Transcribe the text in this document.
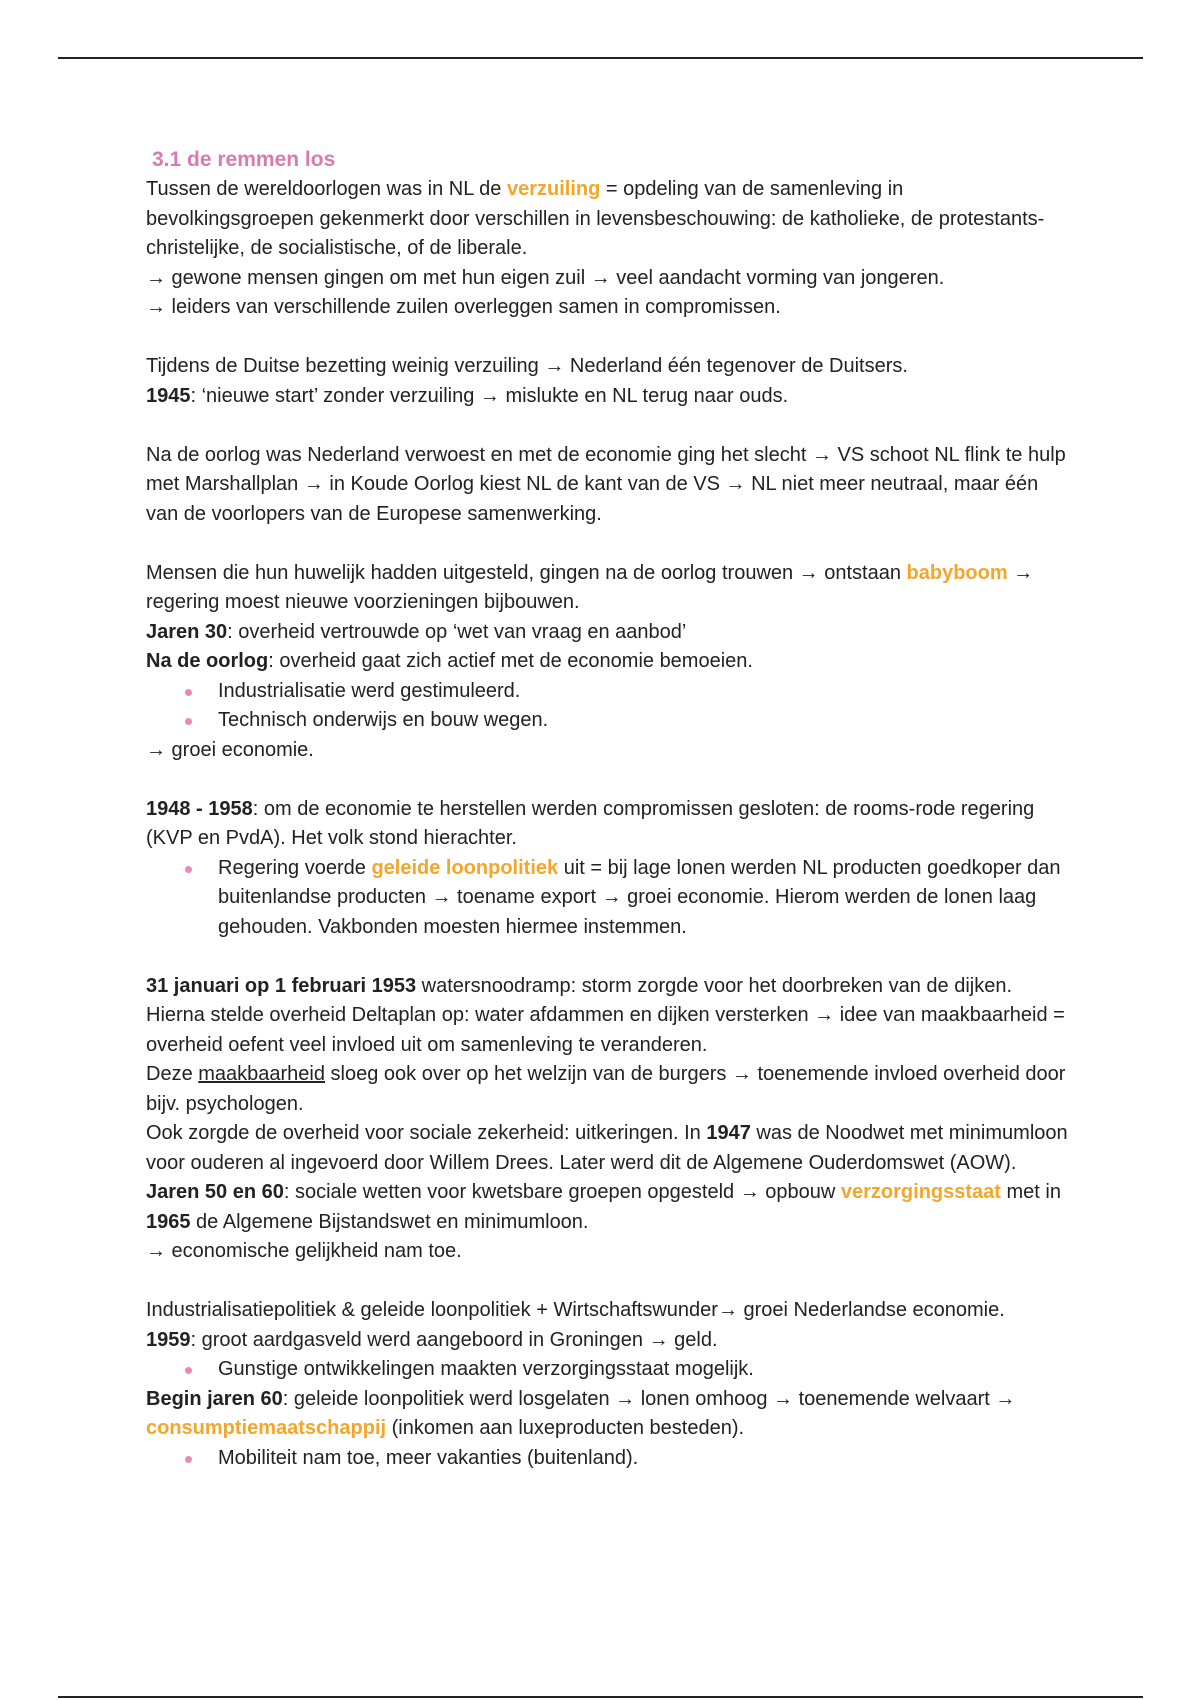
3.1 de remmen los

Tussen de wereldoorlogen was in NL de verzuiling = opdeling van de samenleving in bevolkingsgroepen gekenmerkt door verschillen in levensbeschouwing: de katholieke, de protestants-christelijke, de socialistische, of de liberale.

→ gewone mensen gingen om met hun eigen zuil → veel aandacht vorming van jongeren.

→ leiders van verschillende zuilen overleggen samen in compromissen.

Tijdens de Duitse bezetting weinig verzuiling → Nederland één tegenover de Duitsers.

1945: ‘nieuwe start’ zonder verzuiling → mislukte en NL terug naar ouds.

Na de oorlog was Nederland verwoest en met de economie ging het slecht → VS schoot NL flink te hulp met Marshallplan → in Koude Oorlog kiest NL de kant van de VS → NL niet meer neutraal, maar één van de voorlopers van de Europese samenwerking.

Mensen die hun huwelijk hadden uitgesteld, gingen na de oorlog trouwen → ontstaan babyboom → regering moest nieuwe voorzieningen bijbouwen.

Jaren 30: overheid vertrouwde op ‘wet van vraag en aanbod’

Na de oorlog: overheid gaat zich actief met de economie bemoeien.

Industrialisatie werd gestimuleerd.
Technisch onderwijs en bouw wegen.

→ groei economie.

1948 - 1958: om de economie te herstellen werden compromissen gesloten: de rooms-rode regering (KVP en PvdA). Het volk stond hierachter.

Regering voerde geleide loonpolitiek uit = bij lage lonen werden NL producten goedkoper dan buitenlandse producten → toename export → groei economie. Hierom werden de lonen laag gehouden. Vakbonden moesten hiermee instemmen.

31 januari op 1 februari 1953 watersnoodramp: storm zorgde voor het doorbreken van de dijken.

Hierna stelde overheid Deltaplan op: water afdammen en dijken versterken → idee van maakbaarheid = overheid oefent veel invloed uit om samenleving te veranderen.

Deze maakbaarheid sloeg ook over op het welzijn van de burgers → toenemende invloed overheid door bijv. psychologen.

Ook zorgde de overheid voor sociale zekerheid: uitkeringen. In 1947 was de Noodwet met minimumloon voor ouderen al ingevoerd door Willem Drees. Later werd dit de Algemene Ouderdomswet (AOW).

Jaren 50 en 60: sociale wetten voor kwetsbare groepen opgesteld → opbouw verzorgingsstaat met in 1965 de Algemene Bijstandswet en minimumloon.

→ economische gelijkheid nam toe.

Industrialisatiepolitiek & geleide loonpolitiek + Wirtschaftswunder→ groei Nederlandse economie.

1959: groot aardgasveld werd aangeboord in Groningen → geld.

Gunstige ontwikkelingen maakten verzorgingsstaat mogelijk.

Begin jaren 60: geleide loonpolitiek werd losgelaten → lonen omhoog → toenemende welvaart → consumptiemaatschappij (inkomen aan luxeproducten besteden).

Mobiliteit nam toe, meer vakanties (buitenland).
